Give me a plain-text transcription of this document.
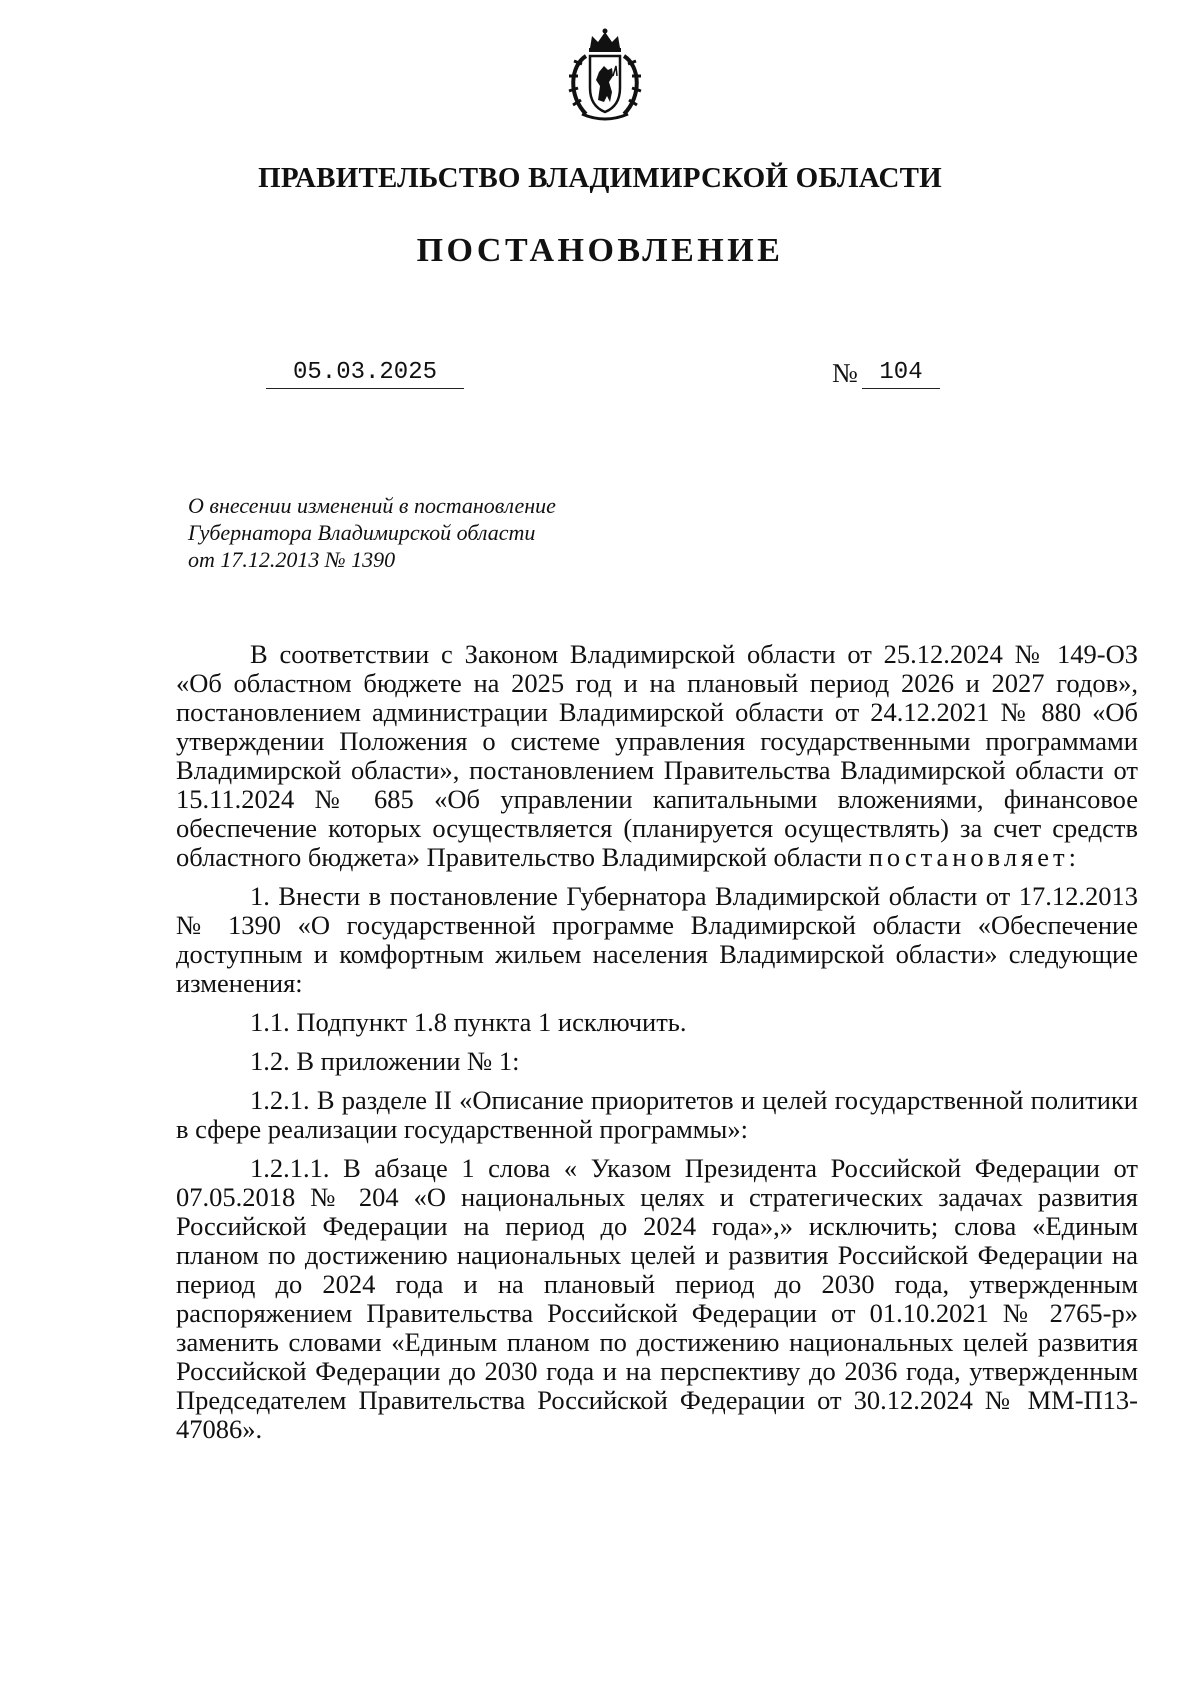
ПРАВИТЕЛЬСТВО ВЛАДИМИРСКОЙ ОБЛАСТИ
ПОСТАНОВЛЕНИЕ
05.03.2025	№ 104
О внесении изменений в постановление
Губернатора Владимирской области
от 17.12.2013 № 1390

В соответствии с Законом Владимирской области от 25.12.2024 № 149-ОЗ «Об областном бюджете на 2025 год и на плановый период 2026 и 2027 годов», постановлением администрации Владимирской области от 24.12.2021 № 880 «Об утверждении Положения о системе управления государственными программами Владимирской области», постановлением Правительства Владимирской области от 15.11.2024 № 685 «Об управлении капитальными вложениями, финансовое обеспечение которых осуществляется (планируется осуществлять) за счет средств областного бюджета» Правительство Владимирской области постановляет:

1. Внести в постановление Губернатора Владимирской области от 17.12.2013 № 1390 «О государственной программе Владимирской области «Обеспечение доступным и комфортным жильем населения Владимирской области» следующие изменения:

1.1. Подпункт 1.8 пункта 1 исключить.

1.2. В приложении № 1:

1.2.1. В разделе II «Описание приоритетов и целей государственной политики в сфере реализации государственной программы»:

1.2.1.1. В абзаце 1 слова « Указом Президента Российской Федерации от 07.05.2018 № 204 «О национальных целях и стратегических задачах развития Российской Федерации на период до 2024 года»,» исключить; слова «Единым планом по достижению национальных целей и развития Российской Федерации на период до 2024 года и на плановый период до 2030 года, утвержденным распоряжением Правительства Российской Федерации от 01.10.2021 № 2765-р» заменить словами «Единым планом по достижению национальных целей развития Российской Федерации до 2030 года и на перспективу до 2036 года, утвержденным Председателем Правительства Российской Федерации от 30.12.2024 № ММ-П13-47086».
